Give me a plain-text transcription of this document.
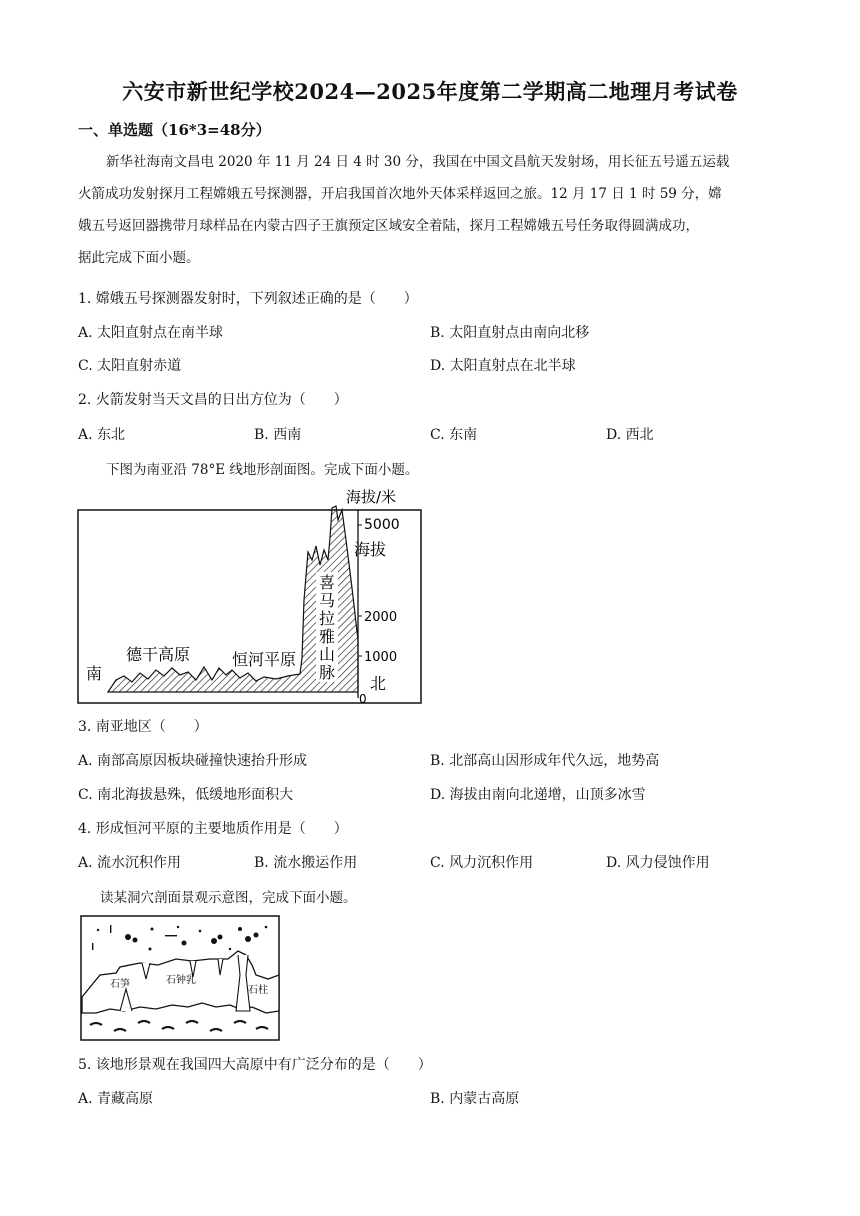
六安市新世纪学校2024—2025年度第二学期高二地理月考试卷
一、单选题（16*3=48分）
新华社海南文昌电 2020 年 11 月 24 日 4 时 30 分，我国在中国文昌航天发射场，用长征五号遥五运载
火箭成功发射探月工程嫦娥五号探测器，开启我国首次地外天体采样返回之旅。12 月 17 日 1 时 59 分，嫦
娥五号返回器携带月球样品在内蒙古四子王旗预定区域安全着陆，探月工程嫦娥五号任务取得圆满成功，
据此完成下面小题。
1. 嫦娥五号探测器发射时，下列叙述正确的是（　　）
A. 太阳直射点在南半球	B. 太阳直射点由南向北移
C. 太阳直射赤道	D. 太阳直射点在北半球
2. 火箭发射当天文昌的日出方位为（　　）
A. 东北	B. 西南	C. 东南	D. 西北
下图为南亚沿 78°E 线地形剖面图。完成下面小题。
海拔/米
5000
海拔
2000
1000
0
北
南
德干高原	恒河平原
喜
马
拉
雅
山
脉
3. 南亚地区（　　）
A. 南部高原因板块碰撞快速抬升形成	B. 北部高山因形成年代久远，地势高
C. 南北海拔悬殊，低缓地形面积大	D. 海拔由南向北递增，山顶多冰雪
4. 形成恒河平原的主要地质作用是（　　）
A. 流水沉积作用	B. 流水搬运作用	C. 风力沉积作用	D. 风力侵蚀作用
读某洞穴剖面景观示意图，完成下面小题。
石笋	石钟乳
石柱
5. 该地形景观在我国四大高原中有广泛分布的是（　　）
A. 青藏高原	B. 内蒙古高原
